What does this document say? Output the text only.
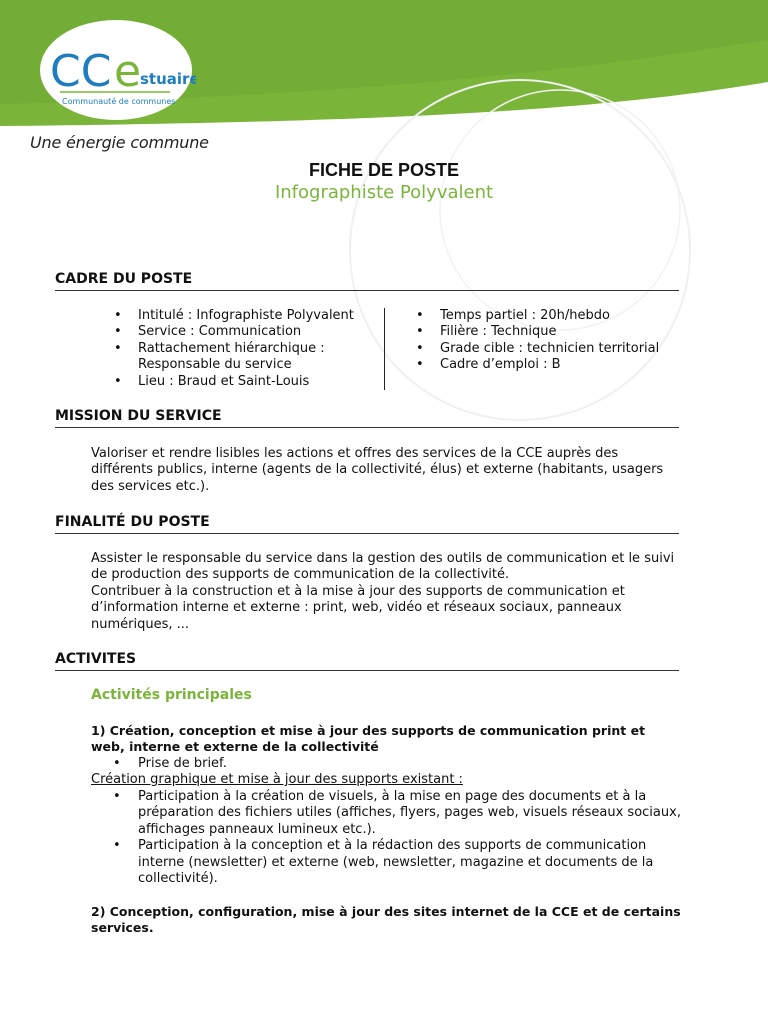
CC e
stuaire
Communauté de communes
Une énergie commune
FICHE DE POSTE
Infographiste Polyvalent
CADRE DU POSTE
• Intitulé : Infographiste Polyvalent
• Service : Communication
• Rattachement hiérarchique : Responsable du service
• Lieu : Braud et Saint-Louis
• Temps partiel : 20h/hebdo
• Filière : Technique
• Grade cible : technicien territorial
• Cadre d’emploi : B
MISSION DU SERVICE

Valoriser et rendre lisibles les actions et offres des services de la CCE auprès des différents publics, interne (agents de la collectivité, élus) et externe (habitants, usagers des services etc.).

FINALITÉ DU POSTE

Assister le responsable du service dans la gestion des outils de communication et le suivi de production des supports de communication de la collectivité.

Contribuer à la construction et à la mise à jour des supports de communication et d’information interne et externe : print, web, vidéo et réseaux sociaux, panneaux numériques, ...

ACTIVITES
Activités principales
1) Création, conception et mise à jour des supports de communication print et web, interne et externe de la collectivité
• Prise de brief.
Création graphique et mise à jour des supports existant :
• Participation à la création de visuels, à la mise en page des documents et à la préparation des fichiers utiles (affiches, flyers, pages web, visuels réseaux sociaux, affichages panneaux lumineux etc.).
• Participation à la conception et à la rédaction des supports de communication interne (newsletter) et externe (web, newsletter, magazine et documents de la collectivité).
2) Conception, configuration, mise à jour des sites internet de la CCE et de certains services.
